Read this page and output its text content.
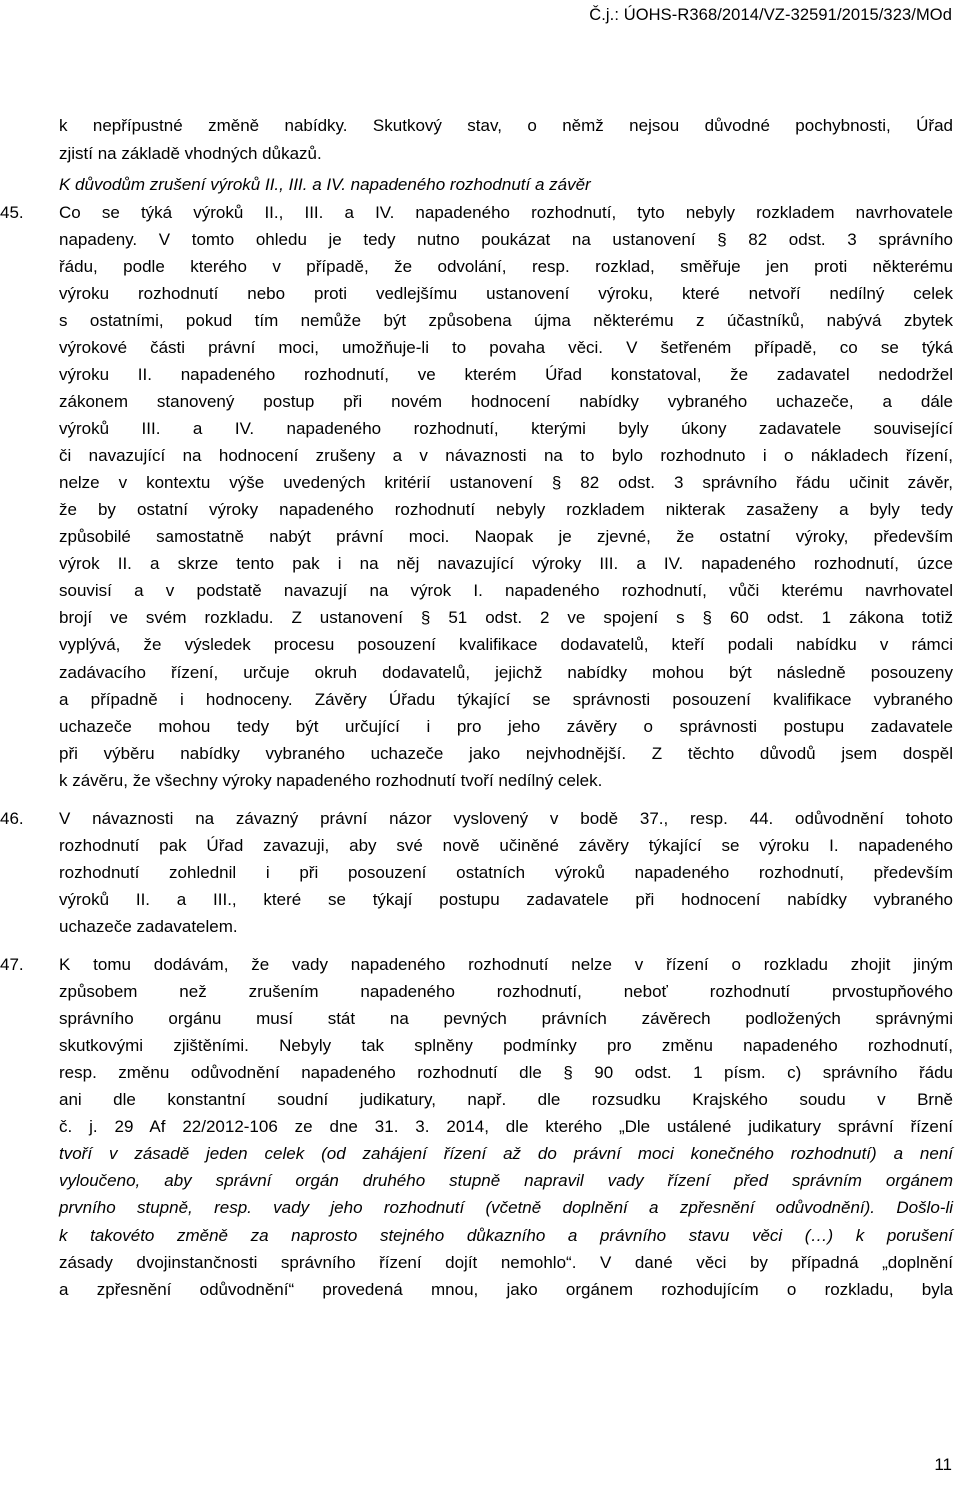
Č.j.: ÚOHS-R368/2014/VZ-32591/2015/323/MOd
k nepřípustné změně nabídky. Skutkový stav, o němž nejsou důvodné pochybnosti, Úřad
zjistí na základě vhodných důkazů.
K důvodům zrušení výroků II., III. a IV. napadeného rozhodnutí a závěr
45. Co se týká výroků II., III. a IV. napadeného rozhodnutí, tyto nebyly rozkladem navrhovatele
napadeny. V tomto ohledu je tedy nutno poukázat na ustanovení § 82 odst. 3 správního
řádu, podle kterého v případě, že odvolání, resp. rozklad, směřuje jen proti některému
výroku rozhodnutí nebo proti vedlejšímu ustanovení výroku, které netvoří nedílný celek
s ostatními, pokud tím nemůže být způsobena újma některému z účastníků, nabývá zbytek
výrokové části právní moci, umožňuje-li to povaha věci. V šetřeném případě, co se týká
výroku II. napadeného rozhodnutí, ve kterém Úřad konstatoval, že zadavatel nedodržel
zákonem stanovený postup při novém hodnocení nabídky vybraného uchazeče, a dále
výroků III. a IV. napadeného rozhodnutí, kterými byly úkony zadavatele související
či navazující na hodnocení zrušeny a v návaznosti na to bylo rozhodnuto i o nákladech řízení,
nelze v kontextu výše uvedených kritérií ustanovení § 82 odst. 3 správního řádu učinit závěr,
že by ostatní výroky napadeného rozhodnutí nebyly rozkladem nikterak zasaženy a byly tedy
způsobilé samostatně nabýt právní moci. Naopak je zjevné, že ostatní výroky, především
výrok II. a skrze tento pak i na něj navazující výroky III. a IV. napadeného rozhodnutí, úzce
souvisí a v podstatě navazují na výrok I. napadeného rozhodnutí, vůči kterému navrhovatel
brojí ve svém rozkladu. Z ustanovení § 51 odst. 2 ve spojení s § 60 odst. 1 zákona totiž
vyplývá, že výsledek procesu posouzení kvalifikace dodavatelů, kteří podali nabídku v rámci
zadávacího řízení, určuje okruh dodavatelů, jejichž nabídky mohou být následně posouzeny
a případně i hodnoceny. Závěry Úřadu týkající se správnosti posouzení kvalifikace vybraného
uchazeče mohou tedy být určující i pro jeho závěry o správnosti postupu zadavatele
při výběru nabídky vybraného uchazeče jako nejvhodnější. Z těchto důvodů jsem dospěl
k závěru, že všechny výroky napadeného rozhodnutí tvoří nedílný celek.
46. V návaznosti na závazný právní názor vyslovený v bodě 37., resp. 44. odůvodnění tohoto
rozhodnutí pak Úřad zavazuji, aby své nově učiněné závěry týkající se výroku I. napadeného
rozhodnutí zohlednil i při posouzení ostatních výroků napadeného rozhodnutí, především
výroků II. a III., které se týkají postupu zadavatele při hodnocení nabídky vybraného
uchazeče zadavatelem.
47. K tomu dodávám, že vady napadeného rozhodnutí nelze v řízení o rozkladu zhojit jiným
způsobem než zrušením napadeného rozhodnutí, neboť rozhodnutí prvostupňového
správního orgánu musí stát na pevných právních závěrech podložených správnými
skutkovými zjištěními. Nebyly tak splněny podmínky pro změnu napadeného rozhodnutí,
resp. změnu odůvodnění napadeného rozhodnutí dle § 90 odst. 1 písm. c) správního řádu
ani dle konstantní soudní judikatury, např. dle rozsudku Krajského soudu v Brně
č. j. 29 Af 22/2012-106 ze dne 31. 3. 2014, dle kterého „Dle ustálené judikatury správní řízení
tvoří v zásadě jeden celek (od zahájení řízení až do právní moci konečného rozhodnutí) a není
vyloučeno, aby správní orgán druhého stupně napravil vady řízení před správním orgánem
prvního stupně, resp. vady jeho rozhodnutí (včetně doplnění a zpřesnění odůvodnění). Došlo-li
k takovéto změně za naprosto stejného důkazního a právního stavu věci (…) k porušení
zásady dvojinstančnosti správního řízení dojít nemohlo“. V dané věci by případná „doplnění
a zpřesnění odůvodnění“ provedená mnou, jako orgánem rozhodujícím o rozkladu, byla
11
